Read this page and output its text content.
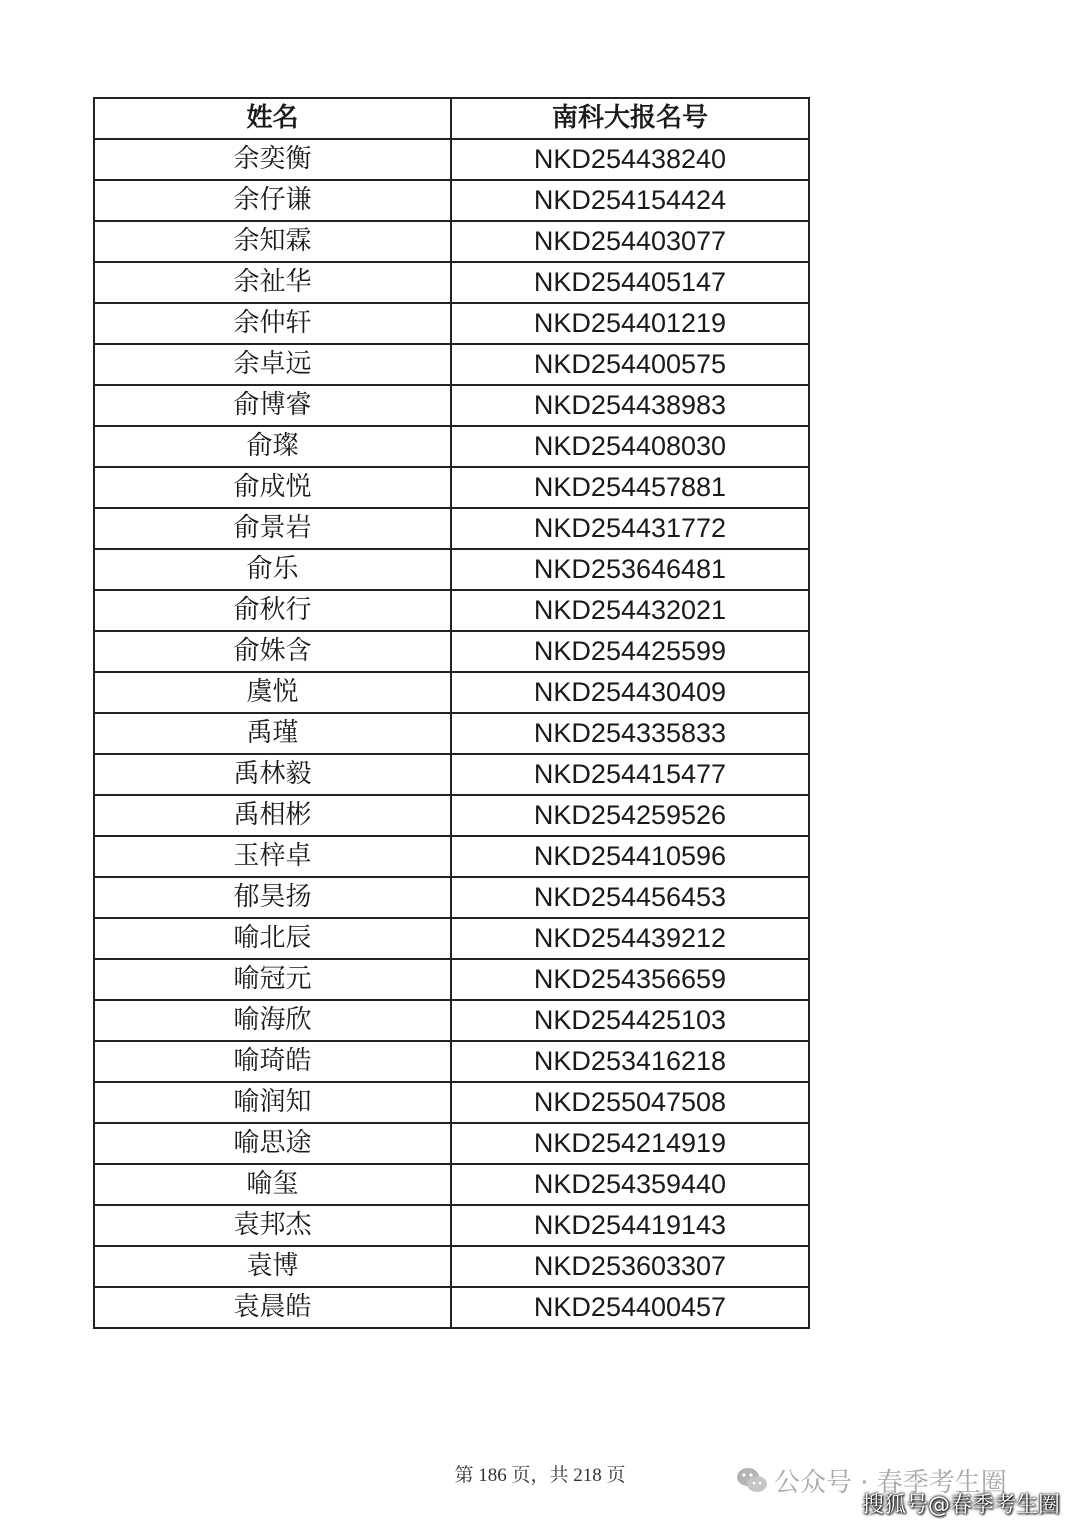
姓名	南科大报名号
余奕衡	NKD254438240
余仔谦	NKD254154424
余知霖	NKD254403077
余祉华	NKD254405147
余仲轩	NKD254401219
余卓远	NKD254400575
俞博睿	NKD254438983
俞璨	NKD254408030
俞成悦	NKD254457881
俞景岩	NKD254431772
俞乐	NKD253646481
俞秋行	NKD254432021
俞姝含	NKD254425599
虞悦	NKD254430409
禹瑾	NKD254335833
禹林毅	NKD254415477
禹相彬	NKD254259526
玉梓卓	NKD254410596
郁昊扬	NKD254456453
喻北辰	NKD254439212
喻冠元	NKD254356659
喻海欣	NKD254425103
喻琦皓	NKD253416218
喻润知	NKD255047508
喻思途	NKD254214919
喻玺	NKD254359440
袁邦杰	NKD254419143
袁博	NKD253603307
袁晨皓	NKD254400457
第 186 页，共 218 页	公众号 · 春季考生圈
搜狐号@春季考生圈
